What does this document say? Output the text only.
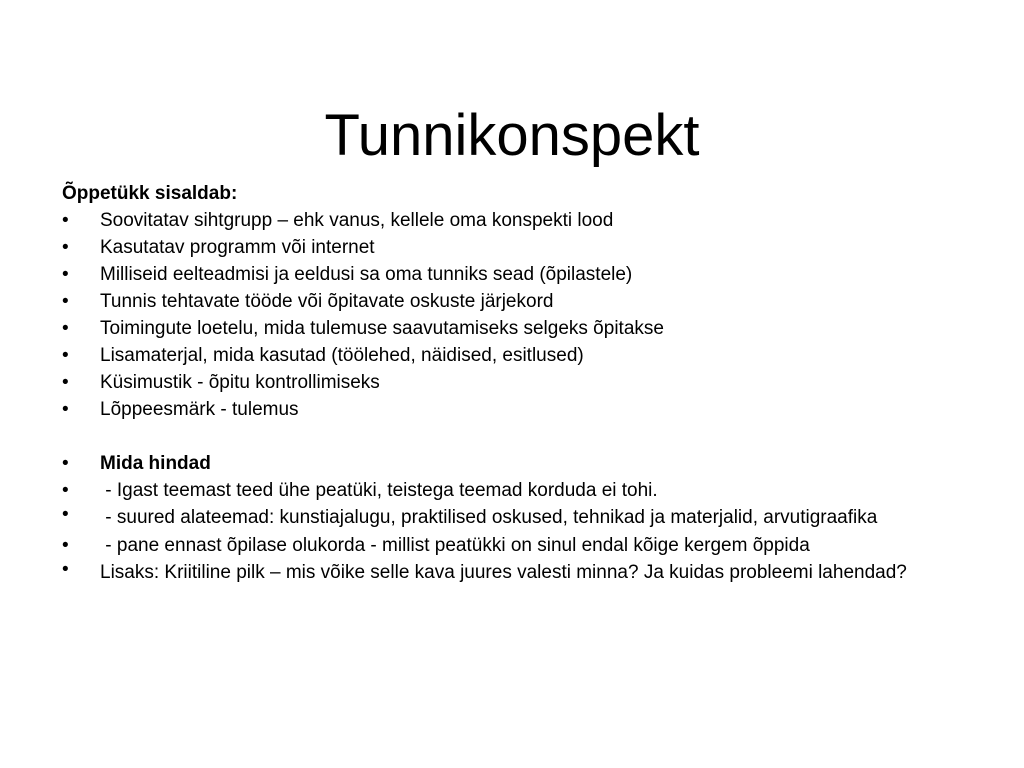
Tunnikonspekt

Õppetükk sisaldab:

• Soovitatav sihtgrupp – ehk vanus, kellele oma konspekti lood
• Kasutatav programm või internet
• Milliseid eelteadmisi ja eeldusi sa oma tunniks sead (õpilastele)
• Tunnis tehtavate tööde või õpitavate oskuste järjekord
• Toimingute loetelu, mida tulemuse saavutamiseks selgeks õpitakse
• Lisamaterjal, mida kasutad (töölehed, näidised, esitlused)
• Küsimustik - õpitu kontrollimiseks
• Lõppeesmärk - tulemus
• Mida hindad
• - Igast teemast teed ühe peatüki, teistega teemad korduda ei tohi.
• - suured alateemad: kunstiajalugu, praktilised oskused, tehnikad ja materjalid, arvutigraafika
• - pane ennast õpilase olukorda - millist peatükki on sinul endal kõige kergem õppida
• Lisaks: Kriitiline pilk – mis võike selle kava juures valesti minna? Ja kuidas probleemi lahendad?
